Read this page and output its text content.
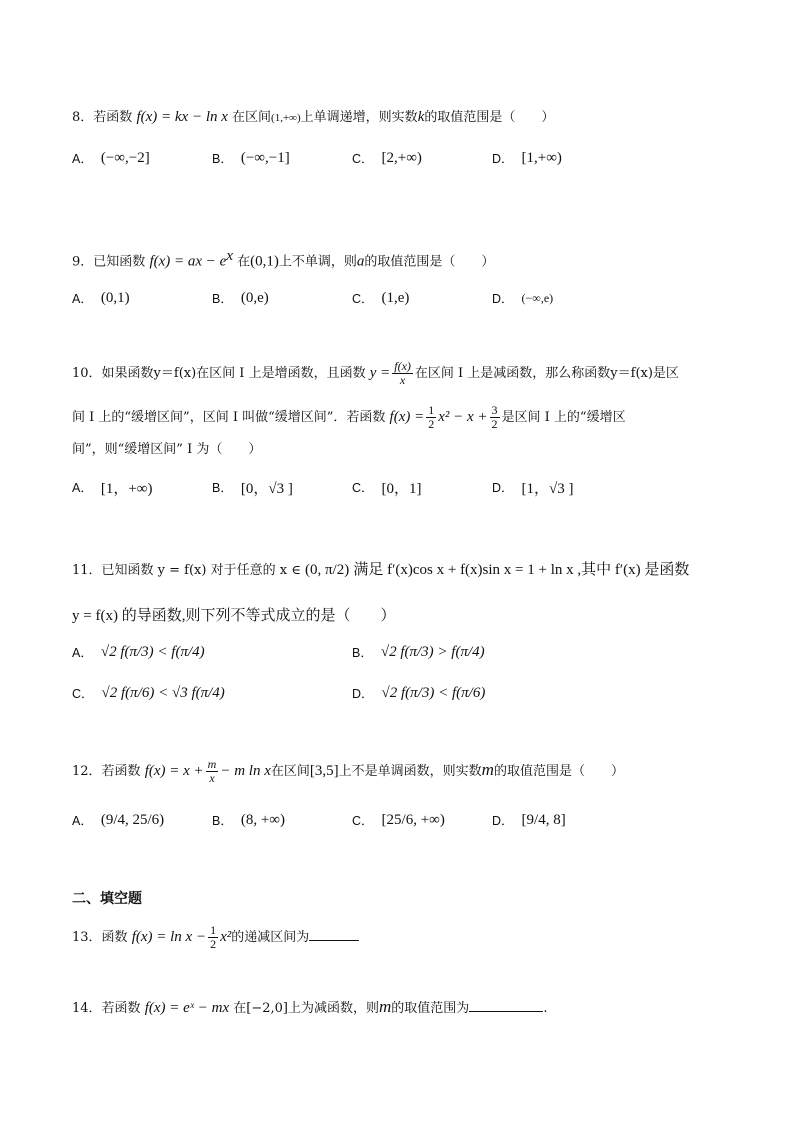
8．若函数 f(x) = kx − ln x 在区间(1,+∞)上单调递增，则实数k的取值范围是（　　）
A． (−∞,−2]	B． (−∞,−1]	C． [2,+∞)	D． [1,+∞)
9．已知函数 f(x) = ax − $e^x$ 在(0,1)上不单调，则a的取值范围是（　　）
A． (0,1)	B． (0,e)	C． (1,e)	D． (−∞,e)
10．如果函数y＝f(x)在区间 I 上是增函数，且函数 $y = \frac{f(x)}{x}$ 在区间 I 上是减函数，那么称函数y＝f(x)是区
间 I 上的“缓增区间”，区间 I 叫做“缓增区间”．若函数 $f(x) = \frac{1}{2} x^2 - x + \frac{3}{2}$ 是区间 I 上的“缓增区
间”，则“缓增区间” I 为（　　）
A． [1，+∞)	B． [0，√3 ]	C． [0，1]	D． [1，√3 ]
11．已知函数 y = f(x) 对于任意的 x ∈ (0, π/2) 满足 f′(x)cos x + f(x)sin x = 1 + ln x ,其中 f′(x) 是函数
y = f(x) 的导函数,则下列不等式成立的是（　　）
A． √2 f(π/3) < f(π/4)	B． √2 f(π/3) > f(π/4)
C． √2 f(π/6) < √3 f(π/4)	D． √2 f(π/3) < f(π/6)
12．若函数 $f(x) = x + \frac{m}{x} - m$ ln x在区间[3,5]上不是单调函数，则实数m的取值范围是（　　）
A． (9/4, 25/6)	B． (8, +∞)	C． [25/6, +∞)	D． [9/4, 8]
二、填空题
13．函数 $f(x) = \ln x - \frac{1}{2} x^2$的递减区间为
14．若函数 f(x) = eˣ − mx 在[−2,0]上为减函数，则m的取值范围为	.
